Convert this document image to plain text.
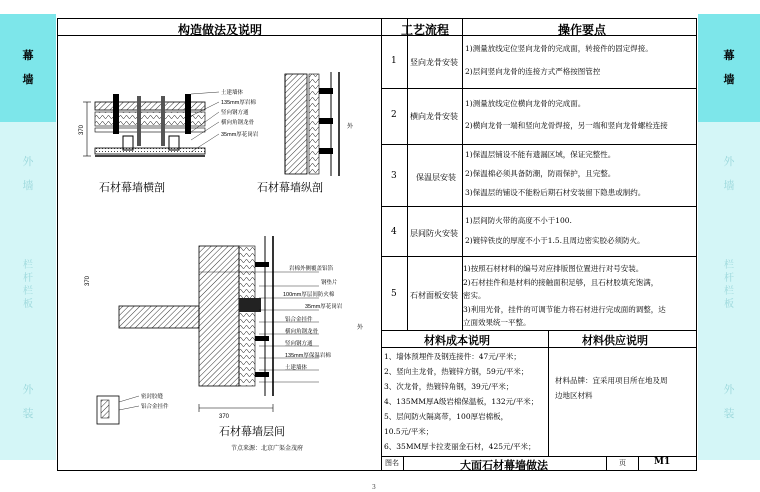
幕
墙
外
墙
栏
杆
栏
板
外
装
幕
墙
外
墙
栏
杆
栏
板
外
装
构造做法及说明	工艺流程	操作要点
1 竖向龙骨安装
1)测量放线定位竖向龙骨的完成面，转接件的固定焊接。
2)层间竖向龙骨的连接方式严格按图管控
2 横向龙骨安装
1)测量放线定位横向龙骨的完成面。
2)横向龙骨一端和竖向龙骨焊接，另一端和竖向龙骨螺栓连接
3 保温层安装
1)保温层铺设不能有遗漏区域，保证完整性。
2)保温棉必须具备防潮，防雨保护，且完整。
3)保温层的铺设不能粉后期石材安装留下隐患或制约。
4 层间防火安装
1)层间防火带的高度不小于100.
2)镀锌铁皮的厚度不小于1.5.且周边密实胶必须防火。
5 石材面板安装
1)按照石材材料的编号对应排版图位置进行对号安装。
2)石材挂件和是材料的接触面积足够，且石材胶填充饱满，
密实。
3)利用光骨，挂件的可调节能力将石材进行完成面的调整，达
立面效果统一平整。
材料成本说明	材料供应说明
1、墙体预埋件及钢连接件：47元/平米；
2、竖向主龙骨，热镀锌方钢，59元/平米；
3、次龙骨，热镀锌角钢，39元/平米；
4、135MM厚A级岩棉保温板，132元/平米；
5、层间防火隔离带，100厚岩棉板，
10.5元/平米；
6、35MM厚卡拉麦丽金石材，425元/平米；
材料品牌：宜采用项目所在地及周
边地区材料
图名	大面石材幕墙做法	页	M1
370
土建墙体
135mm厚岩棉
竖向钢方通
横向角钢龙骨
35mm厚花岗岩
石材幕墙横剖
外
石材幕墙纵剖
岩棉外侧覆盖铝箔
钢垫片
100mm厚层间防火棉
35mm厚花岗岩
铝合金挂件
横向角钢龙骨
竖向钢方通
135mm厚保温岩棉
土建墙体
外
370
370
密封胶缝
铝合金挂件
石材幕墙层间
节点来源：北京广渠金茂府
3
